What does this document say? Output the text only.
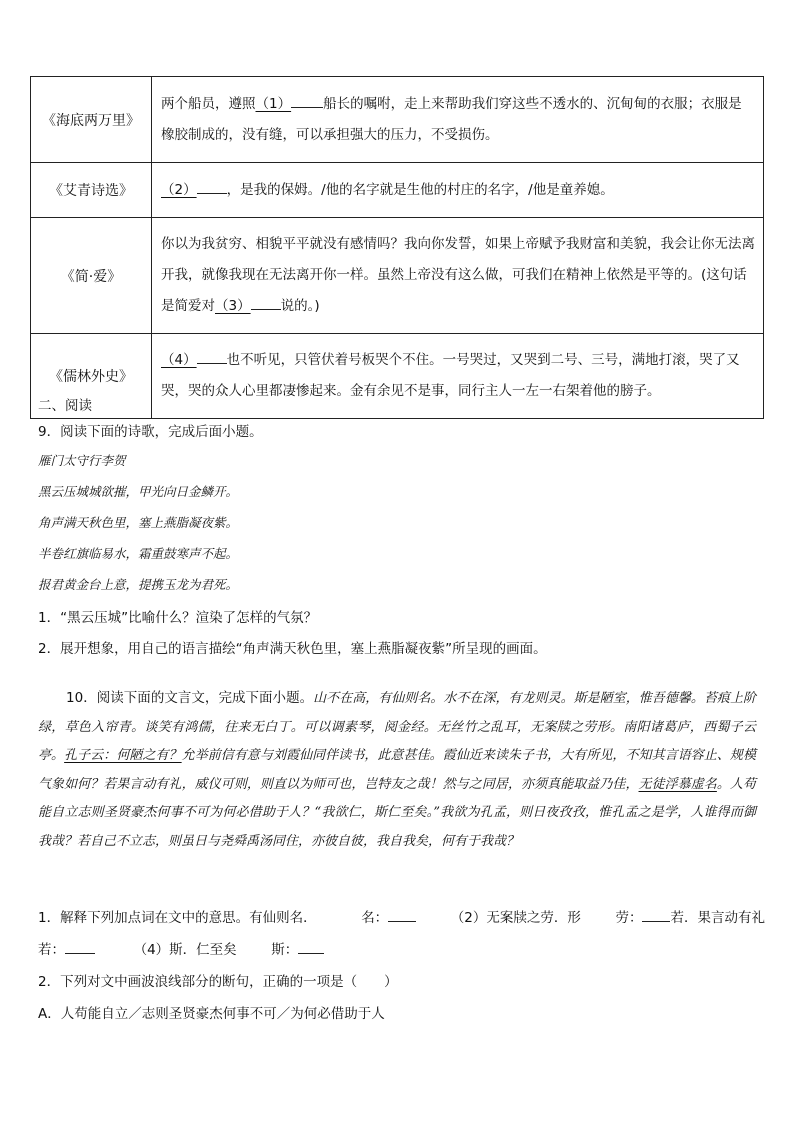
《海底两万里》	两个船员，遵照（1） 船长的嘱咐，走上来帮助我们穿这些不透水的、沉甸甸的衣服；衣服是橡胶制成的，没有缝，可以承担强大的压力，不受损伤。
《艾青诗选》	（2） ，是我的保姆。/他的名字就是生他的村庄的名字，/他是童养媳。
《简·爱》	你以为我贫穷、相貌平平就没有感情吗？我向你发誓，如果上帝赋予我财富和美貌，我会让你无法离开我，就像我现在无法离开你一样。虽然上帝没有这么做，可我们在精神上依然是平等的。(这句话是简爱对（3） 说的。)
《儒林外史》	（4） 也不听见，只管伏着号板哭个不住。一号哭过，又哭到二号、三号，满地打滚，哭了又哭，哭的众人心里都凄惨起来。金有余见不是事，同行主人一左一右架着他的膀子。
二、阅读
9．阅读下面的诗歌，完成后面小题。
雁门太守行李贺
黑云压城城欲摧，甲光向日金鳞开。
角声满天秋色里，塞上燕脂凝夜紫。
半卷红旗临易水，霜重鼓寒声不起。
报君黄金台上意，提携玉龙为君死。
1．“黑云压城”比喻什么？渲染了怎样的气氛？
2．展开想象，用自己的语言描绘“角声满天秋色里，塞上燕脂凝夜紫”所呈现的画面。
10．阅读下面的文言文，完成下面小题。山不在高，有仙则名。水不在深，有龙则灵。斯是陋室，惟吾德馨。苔痕上阶绿，草色入帘青。谈笑有鸿儒，往来无白丁。可以调素琴，阅金经。无丝竹之乱耳，无案牍之劳形。南阳诸葛庐，西蜀子云亭。孔子云：何陋之有？允举前信有意与刘霞仙同伴读书，此意甚佳。霞仙近来读朱子书，大有所见，不知其言语容止、规模气象如何？若果言动有礼，威仪可则，则直以为师可也，岂特友之哉！然与之同居，亦须真能取益乃佳，无徒浮慕虚名。人苟能自立志则圣贤豪杰何事不可为何必借助于人？“我欲仁，斯仁至矣。”我欲为孔孟，则日夜孜孜，惟孔孟之是学，人谁得而御我哉？若自己不立志，则虽日与尧舜禹汤同住，亦彼自彼，我自我矣，何有于我哉？
1．解释下列加点词在文中的意思。有仙则名．	名：	（2）无案牍之劳．形	劳： 若．果言动有礼
若：	（4）斯．仁至矣	斯：
2．下列对文中画波浪线部分的断句，正确的一项是（　　）
A．人苟能自立／志则圣贤豪杰何事不可／为何必借助于人
